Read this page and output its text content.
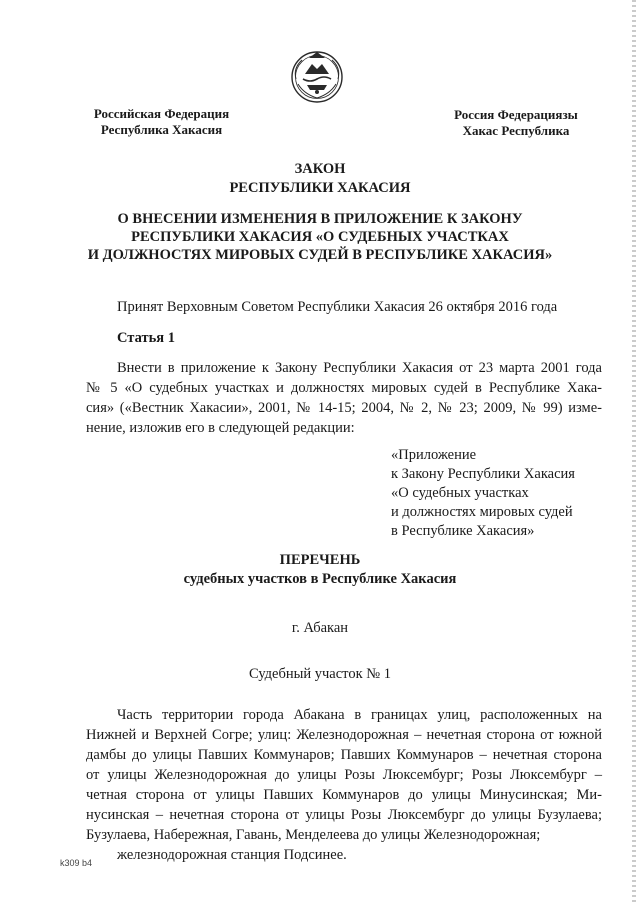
Российская Федерация
Республика Хакасия
Россия Федерациязы
Хакас Республика
ЗАКОН
РЕСПУБЛИКИ ХАКАСИЯ
О ВНЕСЕНИИ ИЗМЕНЕНИЯ В ПРИЛОЖЕНИЕ К ЗАКОНУ
РЕСПУБЛИКИ ХАКАСИЯ «О СУДЕБНЫХ УЧАСТКАХ
И ДОЛЖНОСТЯХ МИРОВЫХ СУДЕЙ В РЕСПУБЛИКЕ ХАКАСИЯ»
Принят Верховным Советом Республики Хакасия 26 октября 2016 года
Статья 1
Внести в приложение к Закону Республики Хакасия от 23 марта 2001 года
№ 5 «О судебных участках и должностях мировых судей в Республике Хака-
сия» («Вестник Хакасии», 2001, № 14-15; 2004, № 2, № 23; 2009, № 99) изме-
нение, изложив его в следующей редакции:
«Приложение
к Закону Республики Хакасия
«О судебных участках
и должностях мировых судей
в Республике Хакасия»
ПЕРЕЧЕНЬ
судебных участков в Республике Хакасия
г. Абакан
Судебный участок № 1
Часть территории города Абакана в границах улиц, расположенных на
Нижней и Верхней Согре; улиц: Железнодорожная – нечетная сторона от южной
дамбы до улицы Павших Коммунаров; Павших Коммунаров – нечетная сторона
от улицы Железнодорожная до улицы Розы Люксембург; Розы Люксембург –
четная сторона от улицы Павших Коммунаров до улицы Минусинская; Ми-
нусинская – нечетная сторона от улицы Розы Люксембург до улицы Бузулаева;
Бузулаева, Набережная, Гавань, Менделеева до улицы Железнодорожная;
железнодорожная станция Подсинее.
k309 b4
